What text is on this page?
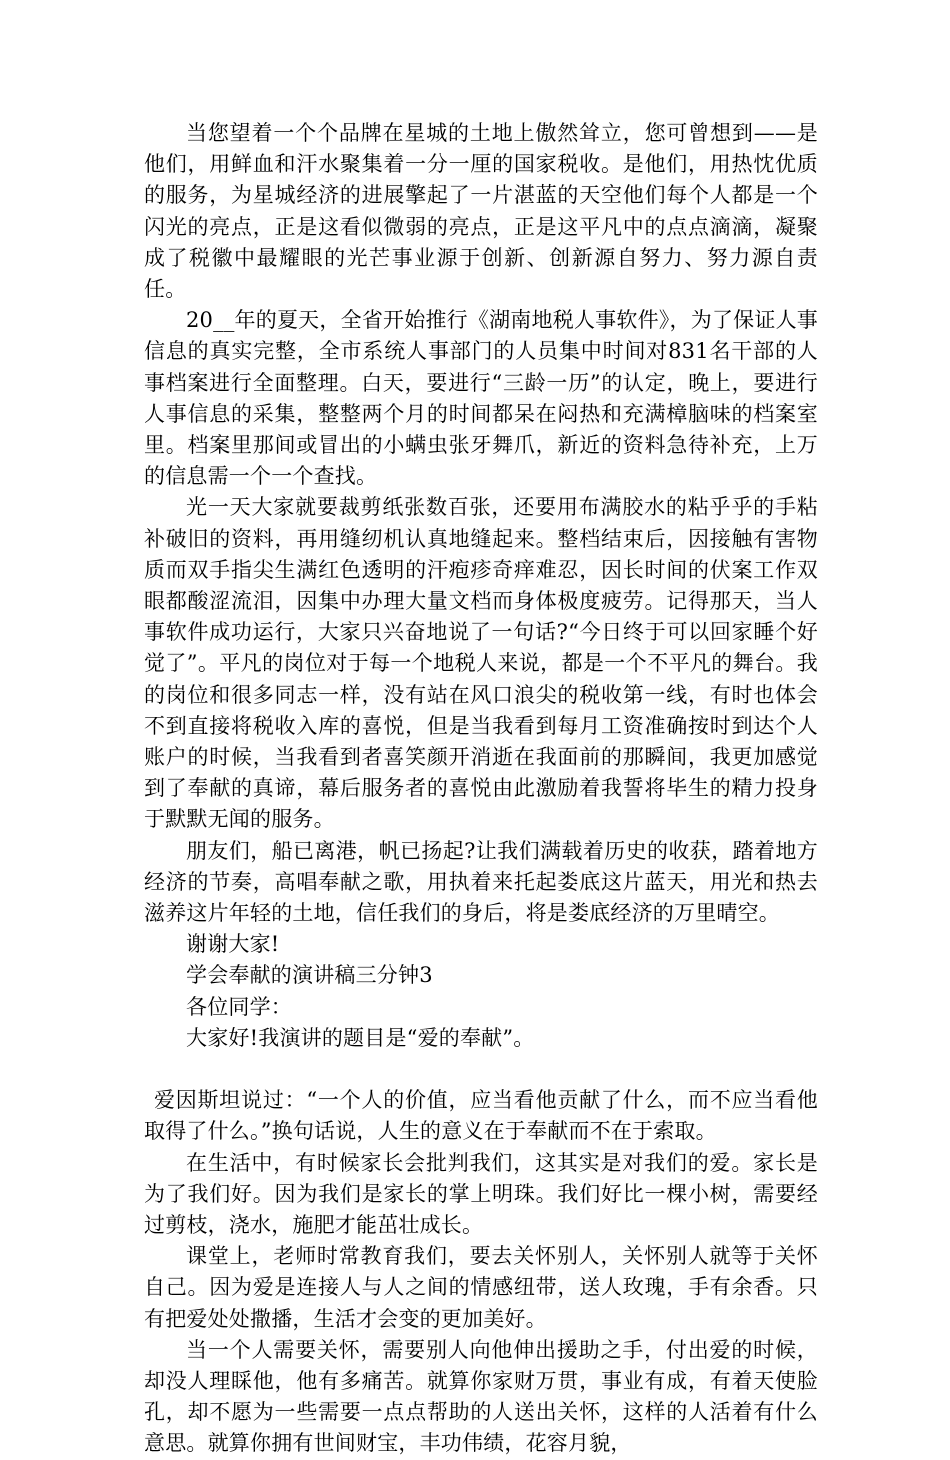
当您望着一个个品牌在星城的土地上傲然耸立，您可曾想到——是他们，用鲜血和汗水聚集着一分一厘的国家税收。是他们，用热忱优质的服务，为星城经济的进展擎起了一片湛蓝的天空他们每个人都是一个闪光的亮点，正是这看似微弱的亮点，正是这平凡中的点点滴滴，凝聚成了税徽中最耀眼的光芒事业源于创新、创新源自努力、努力源自责任。

20__年的夏天，全省开始推行《湖南地税人事软件》，为了保证人事信息的真实完整，全市系统人事部门的人员集中时间对831名干部的人事档案进行全面整理。白天，要进行“三龄一历”的认定，晚上，要进行人事信息的采集，整整两个月的时间都呆在闷热和充满樟脑味的档案室里。档案里那间或冒出的小螨虫张牙舞爪，新近的资料急待补充，上万的信息需一个一个查找。

光一天大家就要裁剪纸张数百张，还要用布满胶水的粘乎乎的手粘补破旧的资料，再用缝纫机认真地缝起来。整档结束后，因接触有害物质而双手指尖生满红色透明的汗疱疹奇痒难忍，因长时间的伏案工作双眼都酸涩流泪，因集中办理大量文档而身体极度疲劳。记得那天，当人事软件成功运行，大家只兴奋地说了一句话?“今日终于可以回家睡个好觉了”。平凡的岗位对于每一个地税人来说，都是一个不平凡的舞台。我的岗位和很多同志一样，没有站在风口浪尖的税收第一线，有时也体会不到直接将税收入库的喜悦，但是当我看到每月工资准确按时到达个人账户的时候，当我看到者喜笑颜开消逝在我面前的那瞬间，我更加感觉到了奉献的真谛，幕后服务者的喜悦由此激励着我誓将毕生的精力投身于默默无闻的服务。

朋友们，船已离港，帆已扬起?让我们满载着历史的收获，踏着地方经济的节奏，高唱奉献之歌，用执着来托起娄底这片蓝天，用光和热去滋养这片年轻的土地，信任我们的身后，将是娄底经济的万里晴空。

谢谢大家!

学会奉献的演讲稿三分钟3

各位同学：

大家好!我演讲的题目是“爱的奉献”。

爱因斯坦说过：“一个人的价值，应当看他贡献了什么，而不应当看他取得了什么。”换句话说，人生的意义在于奉献而不在于索取。

在生活中，有时候家长会批判我们，这其实是对我们的爱。家长是为了我们好。因为我们是家长的掌上明珠。我们好比一棵小树，需要经过剪枝，浇水，施肥才能茁壮成长。

课堂上，老师时常教育我们，要去关怀别人，关怀别人就等于关怀自己。因为爱是连接人与人之间的情感纽带，送人玫瑰，手有余香。只有把爱处处撒播，生活才会变的更加美好。

当一个人需要关怀，需要别人向他伸出援助之手，付出爱的时候，却没人理睬他，他有多痛苦。就算你家财万贯，事业有成，有着天使脸孔，却不愿为一些需要一点点帮助的人送出关怀，这样的人活着有什么意思。就算你拥有世间财宝，丰功伟绩，花容月貌，
